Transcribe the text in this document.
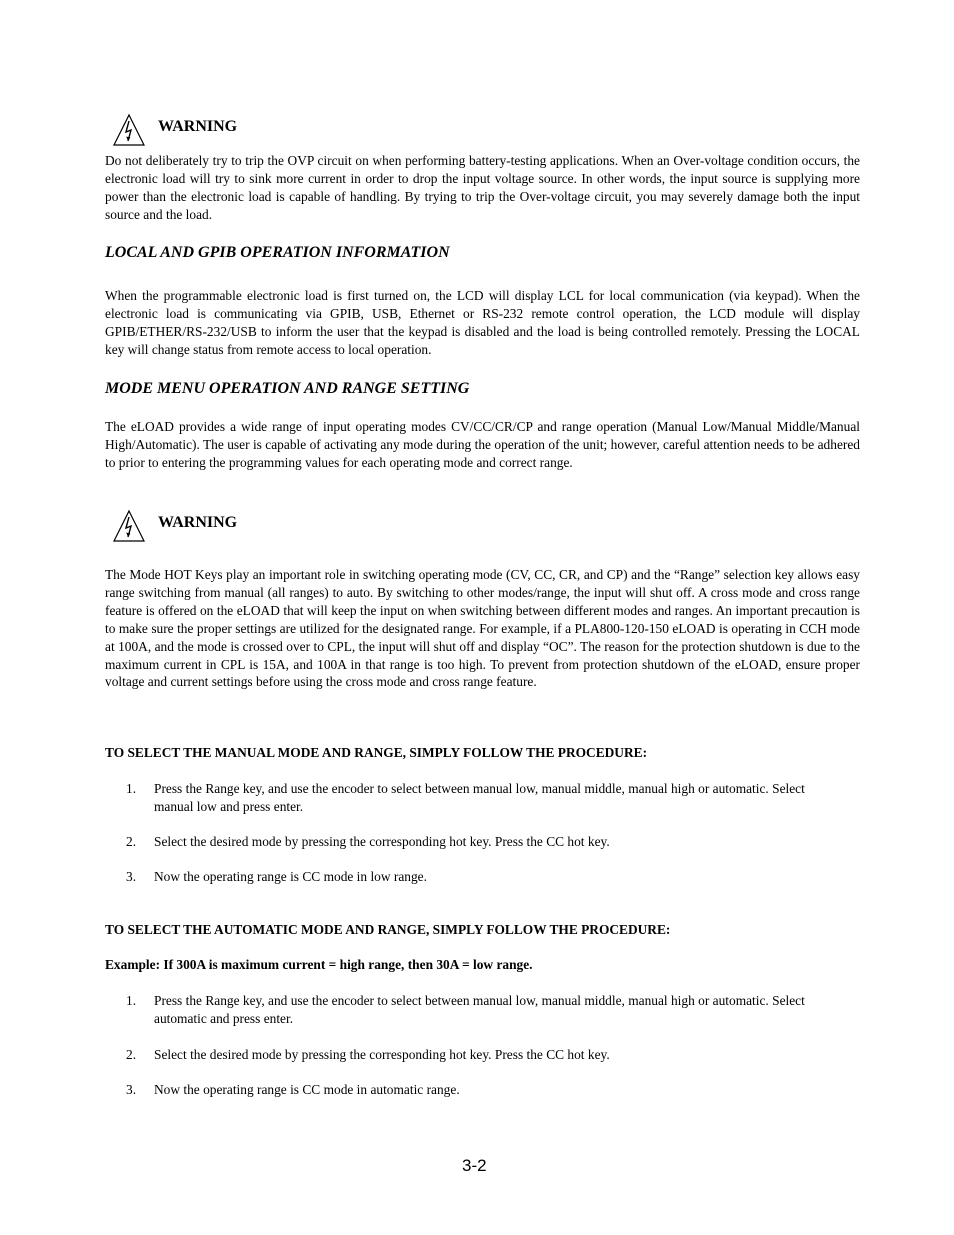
WARNING

Do not deliberately try to trip the OVP circuit on when performing battery-testing applications. When an Over-voltage condition occurs, the electronic load will try to sink more current in order to drop the input voltage source. In other words, the input source is supplying more power than the electronic load is capable of handling. By trying to trip the Over-voltage circuit, you may severely damage both the input source and the load.

LOCAL AND GPIB OPERATION INFORMATION

When the programmable electronic load is first turned on, the LCD will display LCL for local communication (via keypad). When the electronic load is communicating via GPIB, USB, Ethernet or RS-232 remote control operation, the LCD module will display GPIB/ETHER/RS-232/USB to inform the user that the keypad is disabled and the load is being controlled remotely. Pressing the LOCAL key will change status from remote access to local operation.

MODE MENU OPERATION AND RANGE SETTING

The eLOAD provides a wide range of input operating modes CV/CC/CR/CP and range operation (Manual Low/Manual Middle/Manual High/Automatic). The user is capable of activating any mode during the operation of the unit; however, careful attention needs to be adhered to prior to entering the programming values for each operating mode and correct range.

WARNING

The Mode HOT Keys play an important role in switching operating mode (CV, CC, CR, and CP) and the “Range” selection key allows easy range switching from manual (all ranges) to auto. By switching to other modes/range, the input will shut off. A cross mode and cross range feature is offered on the eLOAD that will keep the input on when switching between different modes and ranges. An important precaution is to make sure the proper settings are utilized for the designated range. For example, if a PLA800-120-150 eLOAD is operating in CCH mode at 100A, and the mode is crossed over to CPL, the input will shut off and display “OC”. The reason for the protection shutdown is due to the maximum current in CPL is 15A, and 100A in that range is too high. To prevent from protection shutdown of the eLOAD, ensure proper voltage and current settings before using the cross mode and cross range feature.

TO SELECT THE MANUAL MODE AND RANGE, SIMPLY FOLLOW THE PROCEDURE:
1. Press the Range key, and use the encoder to select between manual low, manual middle, manual high or automatic. Select manual low and press enter.
2. Select the desired mode by pressing the corresponding hot key. Press the CC hot key.
3. Now the operating range is CC mode in low range.
TO SELECT THE AUTOMATIC MODE AND RANGE, SIMPLY FOLLOW THE PROCEDURE:
Example: If 300A is maximum current = high range, then 30A = low range.
1. Press the Range key, and use the encoder to select between manual low, manual middle, manual high or automatic. Select automatic and press enter.
2. Select the desired mode by pressing the corresponding hot key. Press the CC hot key.
3. Now the operating range is CC mode in automatic range.
3-2
